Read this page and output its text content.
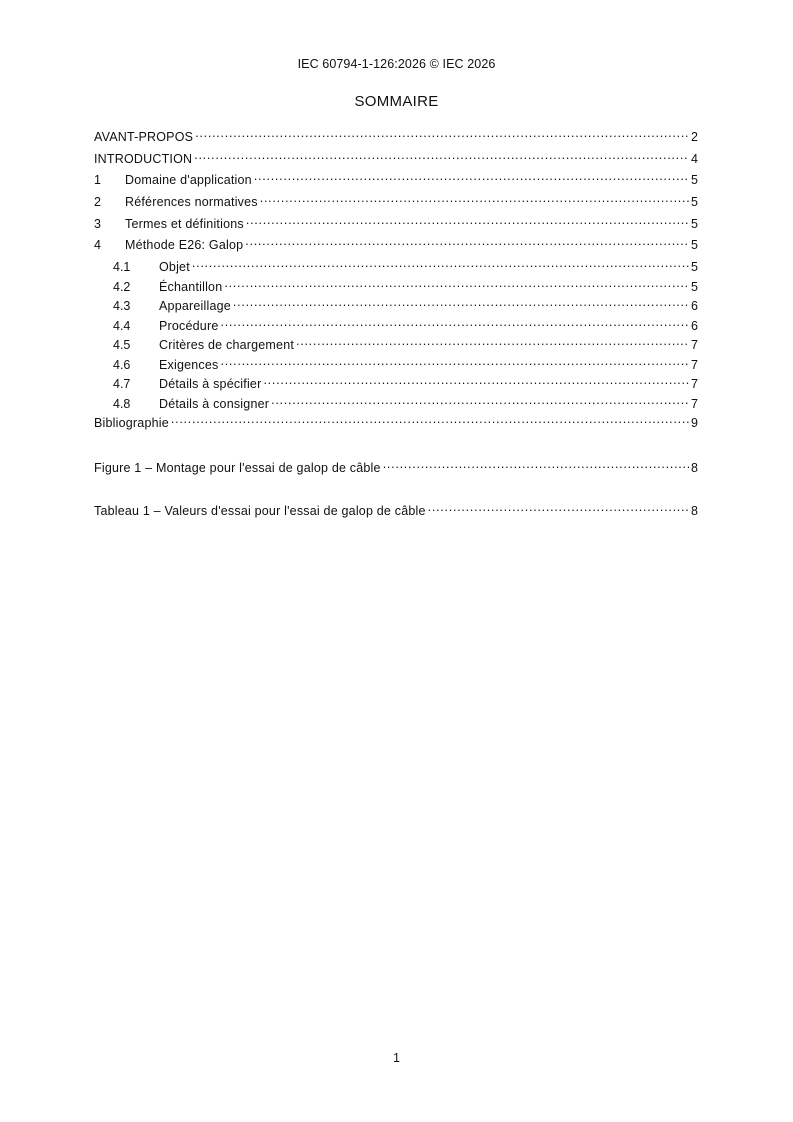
IEC 60794-1-126:2026 © IEC 2026
SOMMAIRE
AVANT-PROPOS .....	2
INTRODUCTION .....	4
1	Domaine d'application .....	5
2	Références normatives .....	5
3	Termes et définitions .....	5
4	Méthode E26: Galop .....	5
4.1	Objet .....	5
4.2	Échantillon .....	5
4.3	Appareillage .....	6
4.4	Procédure .....	6
4.5	Critères de chargement .....	7
4.6	Exigences .....	7
4.7	Détails à spécifier .....	7
4.8	Détails à consigner .....	7
Bibliographie .....	9
Figure 1 – Montage pour l'essai de galop de câble .....	8
Tableau 1 – Valeurs d'essai pour l'essai de galop de câble .....	8
1
